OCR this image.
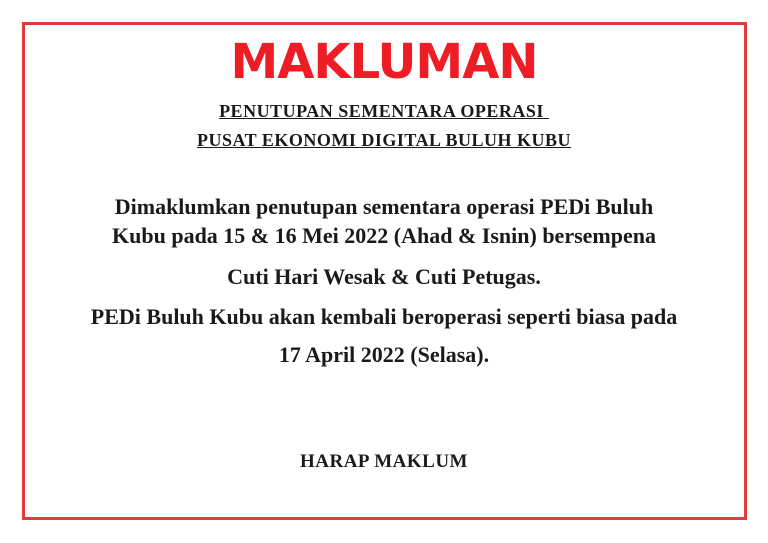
MAKLUMAN
PENUTUPAN SEMENTARA OPERASI
PUSAT EKONOMI DIGITAL BULUH KUBU
Dimaklumkan penutupan sementara operasi PEDi Buluh
Kubu pada 15 & 16 Mei 2022 (Ahad & Isnin) bersempena
Cuti Hari Wesak & Cuti Petugas.
PEDi Buluh Kubu akan kembali beroperasi seperti biasa pada
17 April 2022 (Selasa).
HARAP MAKLUM
